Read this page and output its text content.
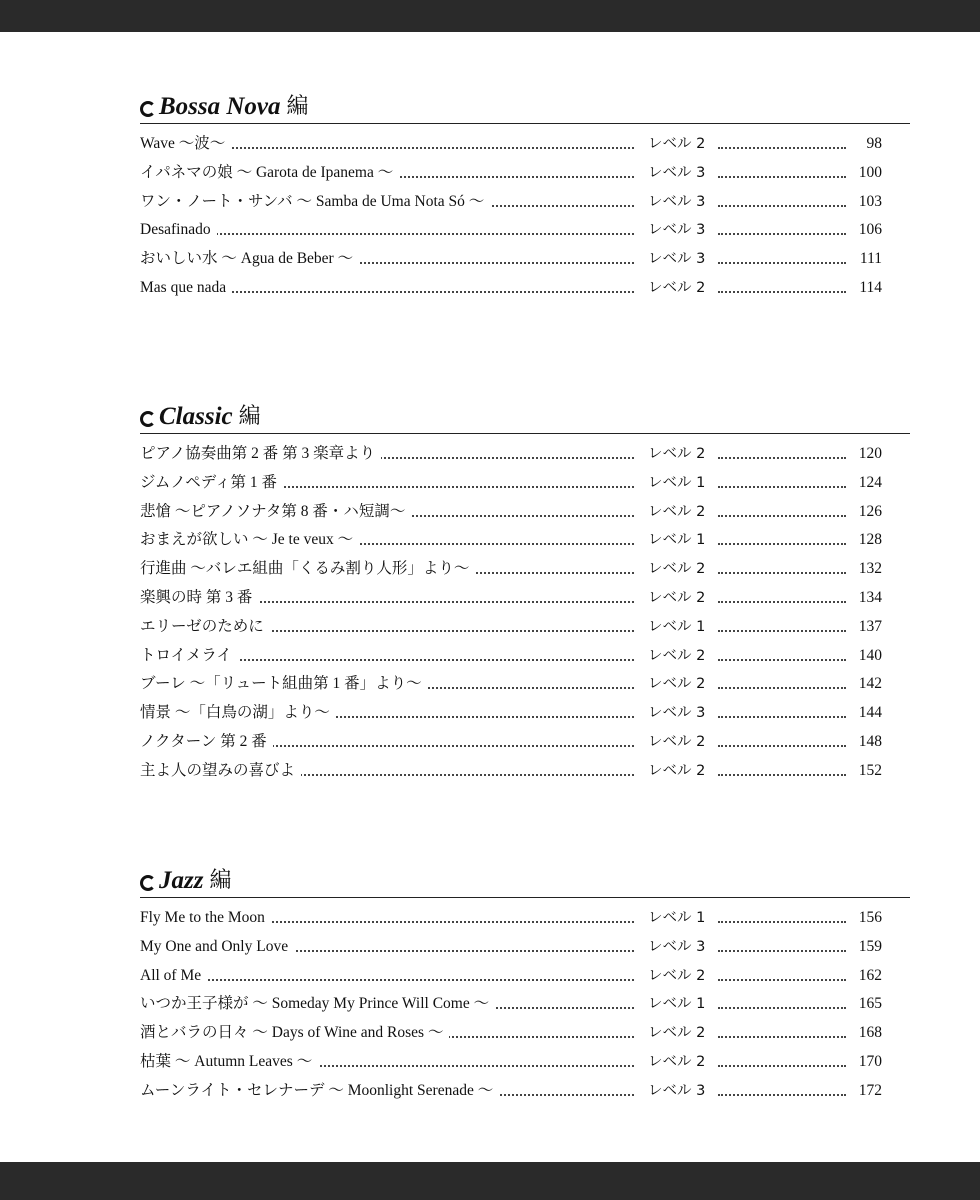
Bossa Nova 編
Wave 〜波〜	レベル 2	98
イパネマの娘 〜 Garota de Ipanema 〜	レベル 3	100
ワン・ノート・サンバ 〜 Samba de Uma Nota Só 〜	レベル 3	103
Desafinado	レベル 3	106
おいしい水 〜 Agua de Beber 〜	レベル 3	111
Mas que nada	レベル 2	114
Classic 編
ピアノ協奏曲第 2 番 第 3 楽章より	レベル 2	120
ジムノペディ第 1 番	レベル 1	124
悲愴 〜ピアノソナタ第 8 番・ハ短調〜	レベル 2	126
おまえが欲しい 〜 Je te veux 〜	レベル 1	128
行進曲 〜バレエ組曲「くるみ割り人形」より〜	レベル 2	132
楽興の時 第 3 番	レベル 2	134
エリーゼのために	レベル 1	137
トロイメライ	レベル 2	140
ブーレ 〜「リュート組曲第 1 番」より〜	レベル 2	142
情景 〜「白鳥の湖」より〜	レベル 3	144
ノクターン 第 2 番	レベル 2	148
主よ人の望みの喜びよ	レベル 2	152
Jazz 編
Fly Me to the Moon	レベル 1	156
My One and Only Love	レベル 3	159
All of Me	レベル 2	162
いつか王子様が 〜 Someday My Prince Will Come 〜	レベル 1	165
酒とバラの日々 〜 Days of Wine and Roses 〜	レベル 2	168
枯葉 〜 Autumn Leaves 〜	レベル 2	170
ムーンライト・セレナーデ 〜 Moonlight Serenade 〜	レベル 3	172
